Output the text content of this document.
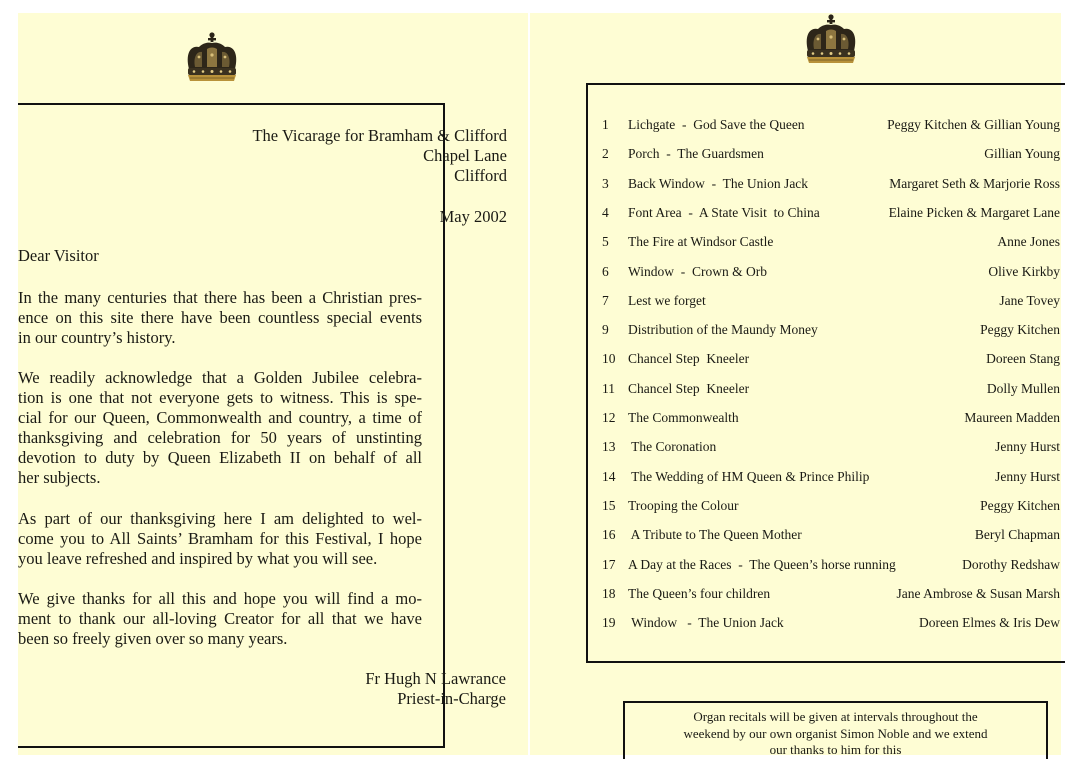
The Vicarage for Bramham & Clifford
Chapel Lane
Clifford
May 2002
Dear Visitor
In the many centuries that there has been a Christian pres-
ence on this site there have been countless special events
in our country’s history.
We readily acknowledge that a Golden Jubilee celebra-
tion is one that not everyone gets to witness. This is spe-
cial for our Queen, Commonwealth and country, a time of
thanksgiving and celebration for 50 years of unstinting
devotion to duty by Queen Elizabeth II on behalf of all
her subjects.
As part of our thanksgiving here I am delighted to wel-
come you to All Saints’ Bramham for this Festival, I hope
you leave refreshed and inspired by what you will see.
We give thanks for all this and hope you will find a mo-
ment to thank our all-loving Creator for all that we have
been so freely given over so many years.
Fr Hugh N Lawrance
Priest-in-Charge
1 Lichgate  -  God Save the Queen	Peggy Kitchen & Gillian Young
2 Porch  -  The Guardsmen	Gillian Young
3 Back Window  -  The Union Jack	Margaret Seth & Marjorie Ross
4 Font Area  -  A State Visit  to China	Elaine Picken & Margaret Lane
5 The Fire at Windsor Castle	Anne Jones
6 Window  -  Crown & Orb	Olive Kirkby
7 Lest we forget	Jane Tovey
9 Distribution of the Maundy Money	Peggy Kitchen
10 Chancel Step  Kneeler	Doreen Stang
11 Chancel Step  Kneeler	Dolly Mullen
12 The Commonwealth	Maureen Madden
13 The Coronation	Jenny Hurst
14 The Wedding of HM Queen & Prince Philip	Jenny Hurst
15 Trooping the Colour	Peggy Kitchen
16 A Tribute to The Queen Mother	Beryl Chapman
17 A Day at the Races  -  The Queen’s horse running	Dorothy Redshaw
18 The Queen’s four children	Jane Ambrose & Susan Marsh
19 Window   -  The Union Jack	Doreen Elmes & Iris Dew
Organ recitals will be given at intervals throughout the
weekend by our own organist Simon Noble and we extend
our thanks to him for this
